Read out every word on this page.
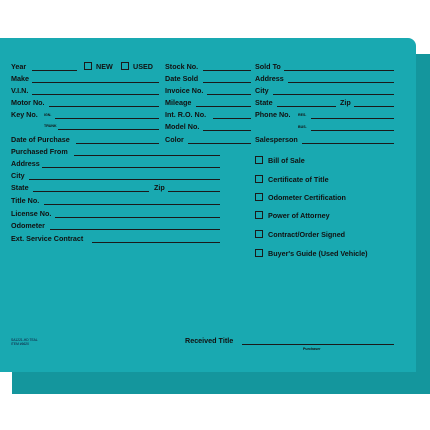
Year	NEW	USED Stock No.	Sold To
Make	Date Sold	Address
V.I.N.	Invoice No.	City
Motor No.	Mileage	State	Zip
Key No. IGN.	Int. R.O. No.	Phone No. RES.
TRUNK	Model No.	BUS.
Date of Purchase	Color	Salesperson
Purchased From
Address
City
State	Zip
Title No.
License No.
Odometer
Ext. Service Contract
Bill of Sale
Certificate of Title
Odometer Certification
Power of Attorney
Contract/Order Signed
Buyer's Guide (Used Vehicle)
Received Title
Purchaser
SA1221-HD TEAL
ITEM #6620
